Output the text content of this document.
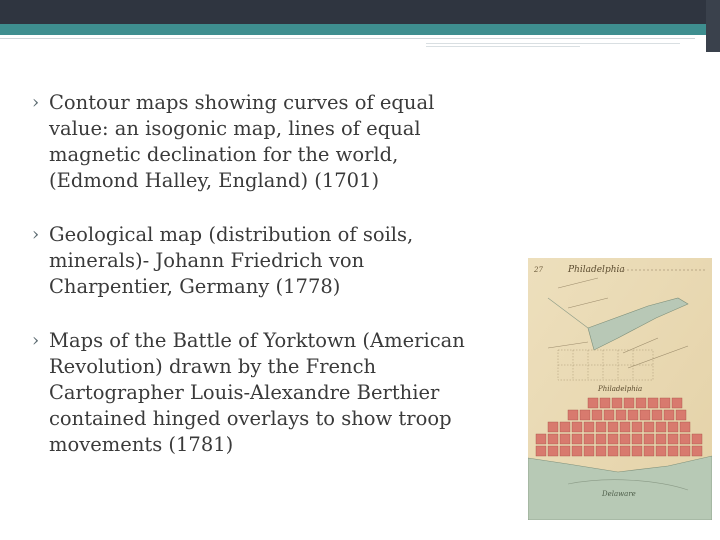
› Contour maps showing curves of equal
value: an isogonic map, lines of equal
magnetic declination for the world,
(Edmond Halley, England) (1701)
› Geological map (distribution of soils,
minerals)- Johann Friedrich von
Charpentier, Germany (1778)
› Maps of the Battle of Yorktown (American
Revolution) drawn by the French
Cartographer Louis-Alexandre Berthier
contained hinged overlays to show troop
movements (1781)
27	Philadelphia
Philadelphia
Delaware
